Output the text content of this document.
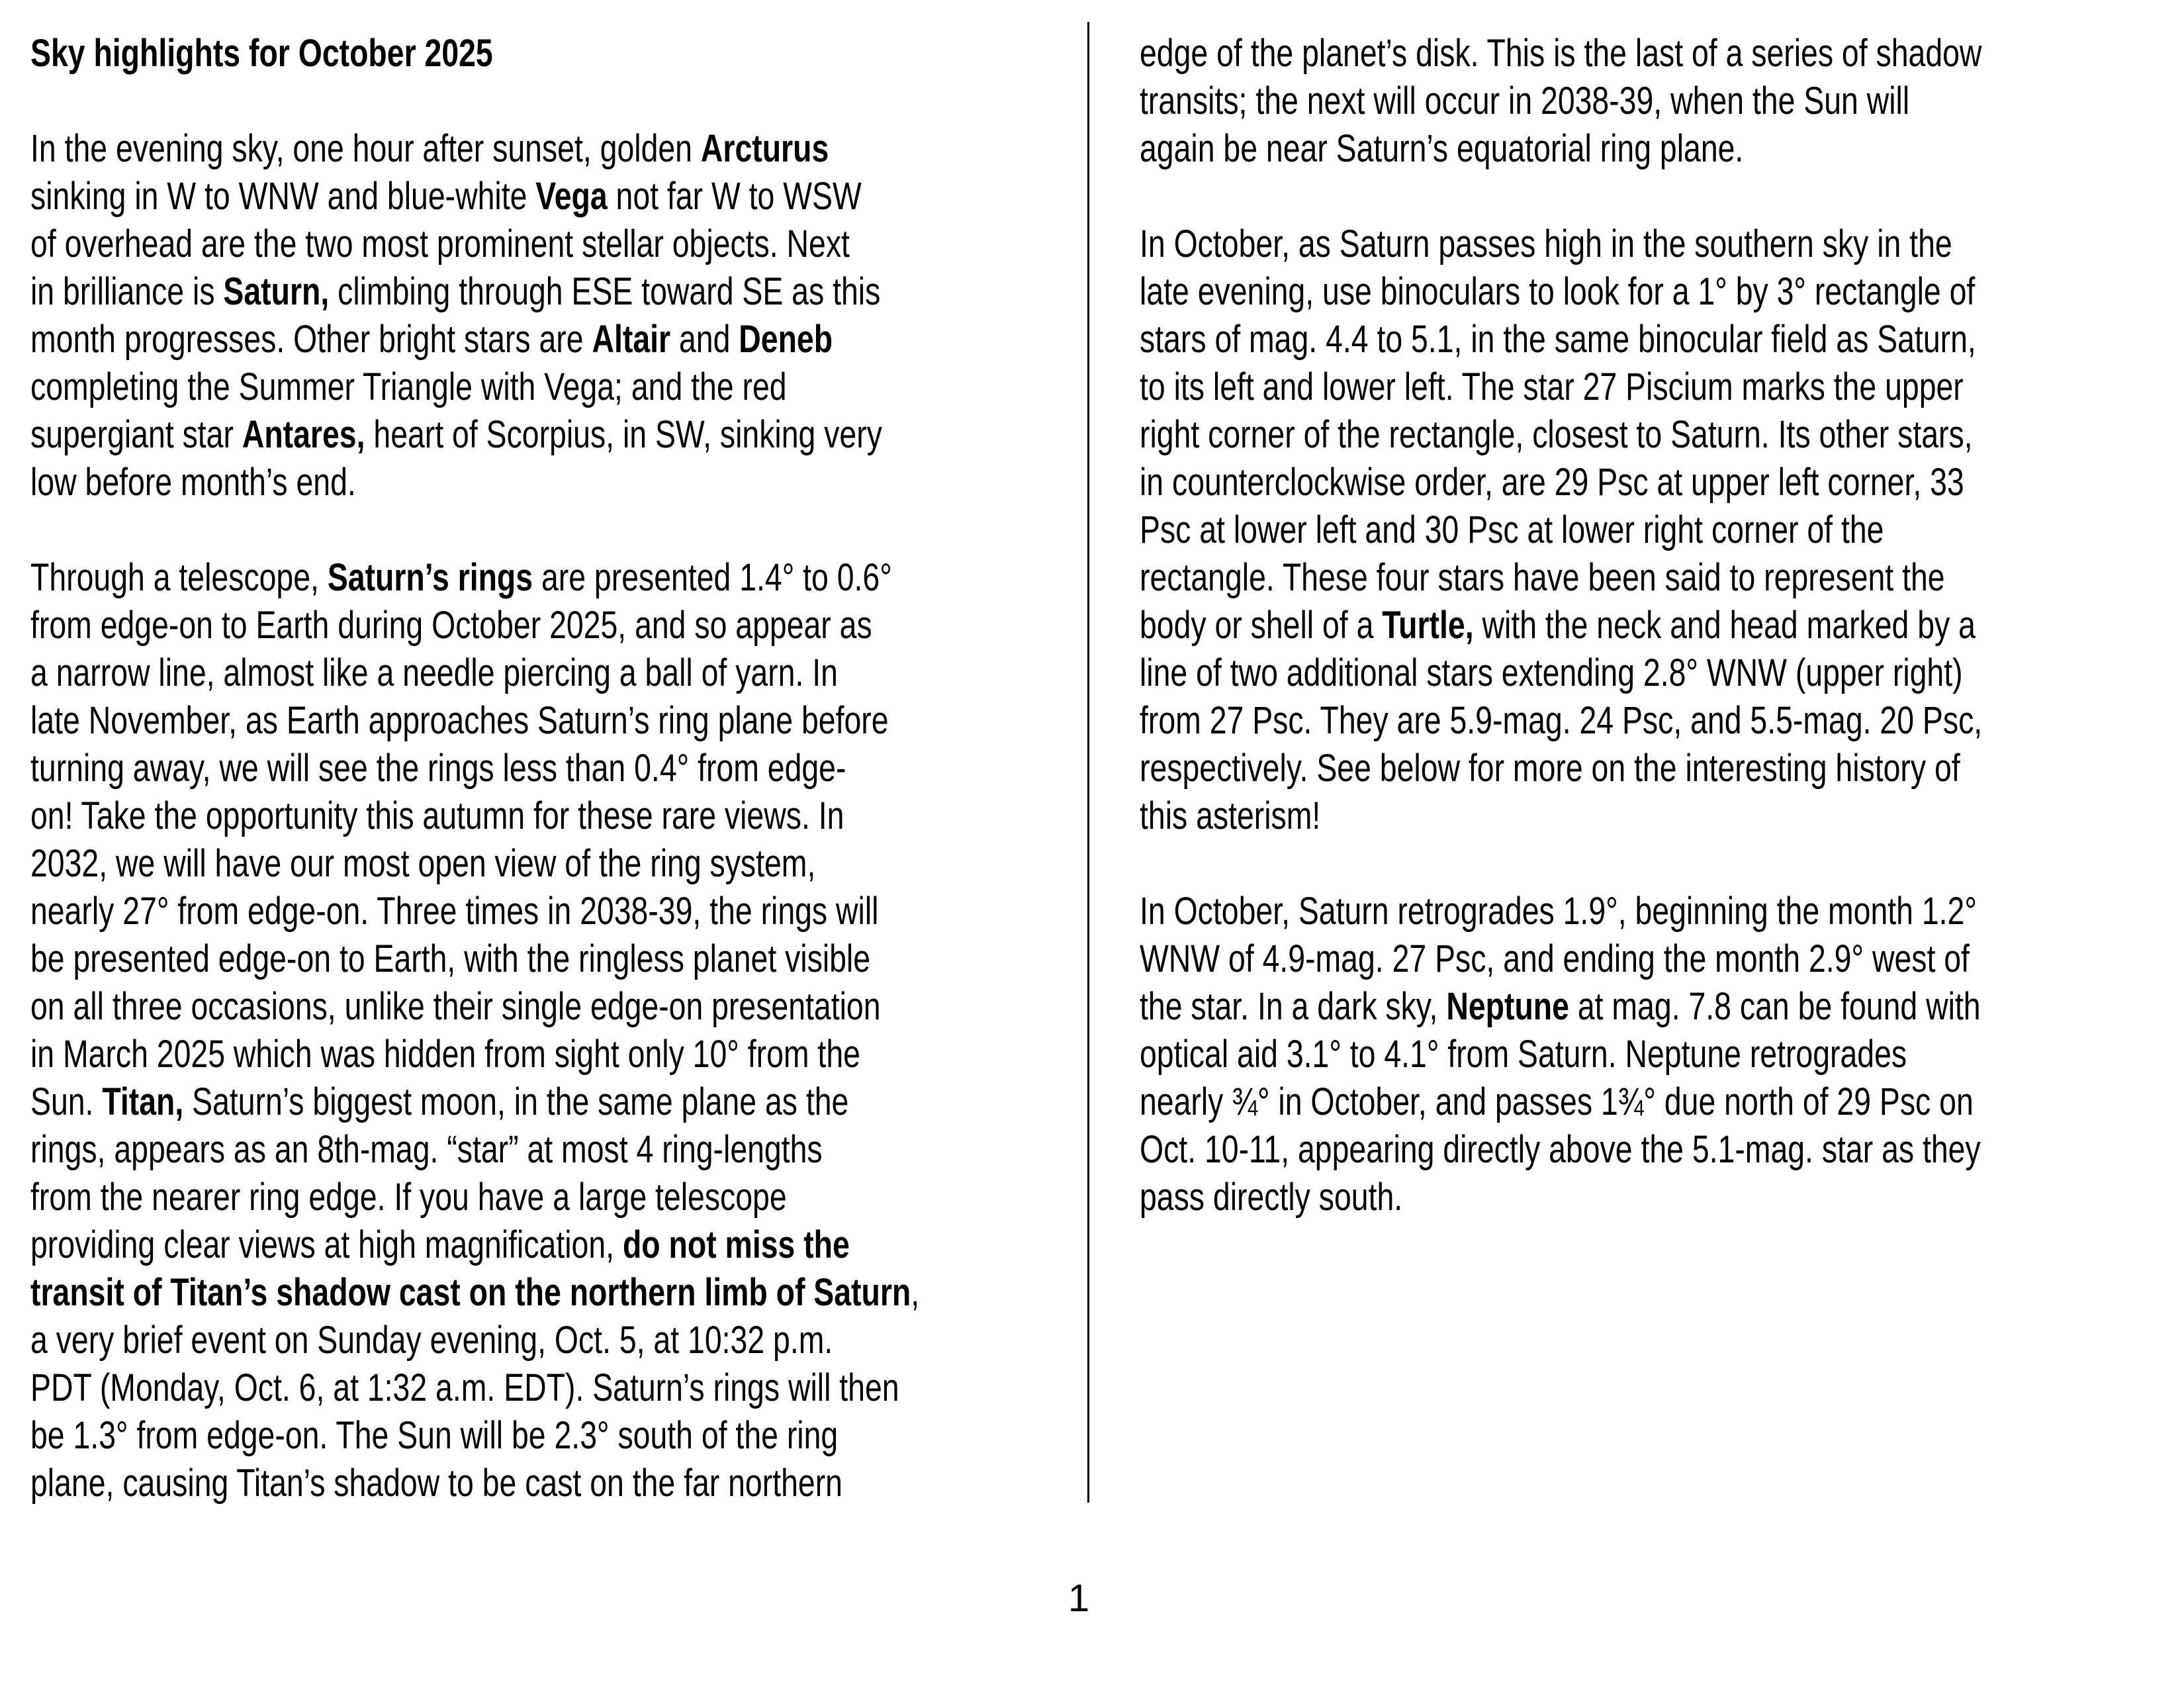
Sky highlights for October 2025
In the evening sky, one hour after sunset, golden Arcturus
sinking in W to WNW and blue-white Vega not far W to WSW
of overhead are the two most prominent stellar objects. Next
in brilliance is Saturn, climbing through ESE toward SE as this
month progresses. Other bright stars are Altair and Deneb
completing the Summer Triangle with Vega; and the red
supergiant star Antares, heart of Scorpius, in SW, sinking very
low before month’s end.
Through a telescope, Saturn’s rings are presented 1.4° to 0.6°
from edge-on to Earth during October 2025, and so appear as
a narrow line, almost like a needle piercing a ball of yarn. In
late November, as Earth approaches Saturn’s ring plane before
turning away, we will see the rings less than 0.4° from edge-
on! Take the opportunity this autumn for these rare views. In
2032, we will have our most open view of the ring system,
nearly 27° from edge-on. Three times in 2038-39, the rings will
be presented edge-on to Earth, with the ringless planet visible
on all three occasions, unlike their single edge-on presentation
in March 2025 which was hidden from sight only 10° from the
Sun. Titan, Saturn’s biggest moon, in the same plane as the
rings, appears as an 8th-mag. “star” at most 4 ring-lengths
from the nearer ring edge. If you have a large telescope
providing clear views at high magnification, do not miss the
transit of Titan’s shadow cast on the northern limb of Saturn,
a very brief event on Sunday evening, Oct. 5, at 10:32 p.m.
PDT (Monday, Oct. 6, at 1:32 a.m. EDT). Saturn’s rings will then
be 1.3° from edge-on. The Sun will be 2.3° south of the ring
plane, causing Titan’s shadow to be cast on the far northern
edge of the planet’s disk. This is the last of a series of shadow
transits; the next will occur in 2038-39, when the Sun will
again be near Saturn’s equatorial ring plane.
In October, as Saturn passes high in the southern sky in the
late evening, use binoculars to look for a 1° by 3° rectangle of
stars of mag. 4.4 to 5.1, in the same binocular field as Saturn,
to its left and lower left. The star 27 Piscium marks the upper
right corner of the rectangle, closest to Saturn. Its other stars,
in counterclockwise order, are 29 Psc at upper left corner, 33
Psc at lower left and 30 Psc at lower right corner of the
rectangle. These four stars have been said to represent the
body or shell of a Turtle, with the neck and head marked by a
line of two additional stars extending 2.8° WNW (upper right)
from 27 Psc. They are 5.9-mag. 24 Psc, and 5.5-mag. 20 Psc,
respectively. See below for more on the interesting history of
this asterism!
In October, Saturn retrogrades 1.9°, beginning the month 1.2°
WNW of 4.9-mag. 27 Psc, and ending the month 2.9° west of
the star. In a dark sky, Neptune at mag. 7.8 can be found with
optical aid 3.1° to 4.1° from Saturn. Neptune retrogrades
nearly ¾° in October, and passes 1¾° due north of 29 Psc on
Oct. 10-11, appearing directly above the 5.1-mag. star as they
pass directly south.
1
